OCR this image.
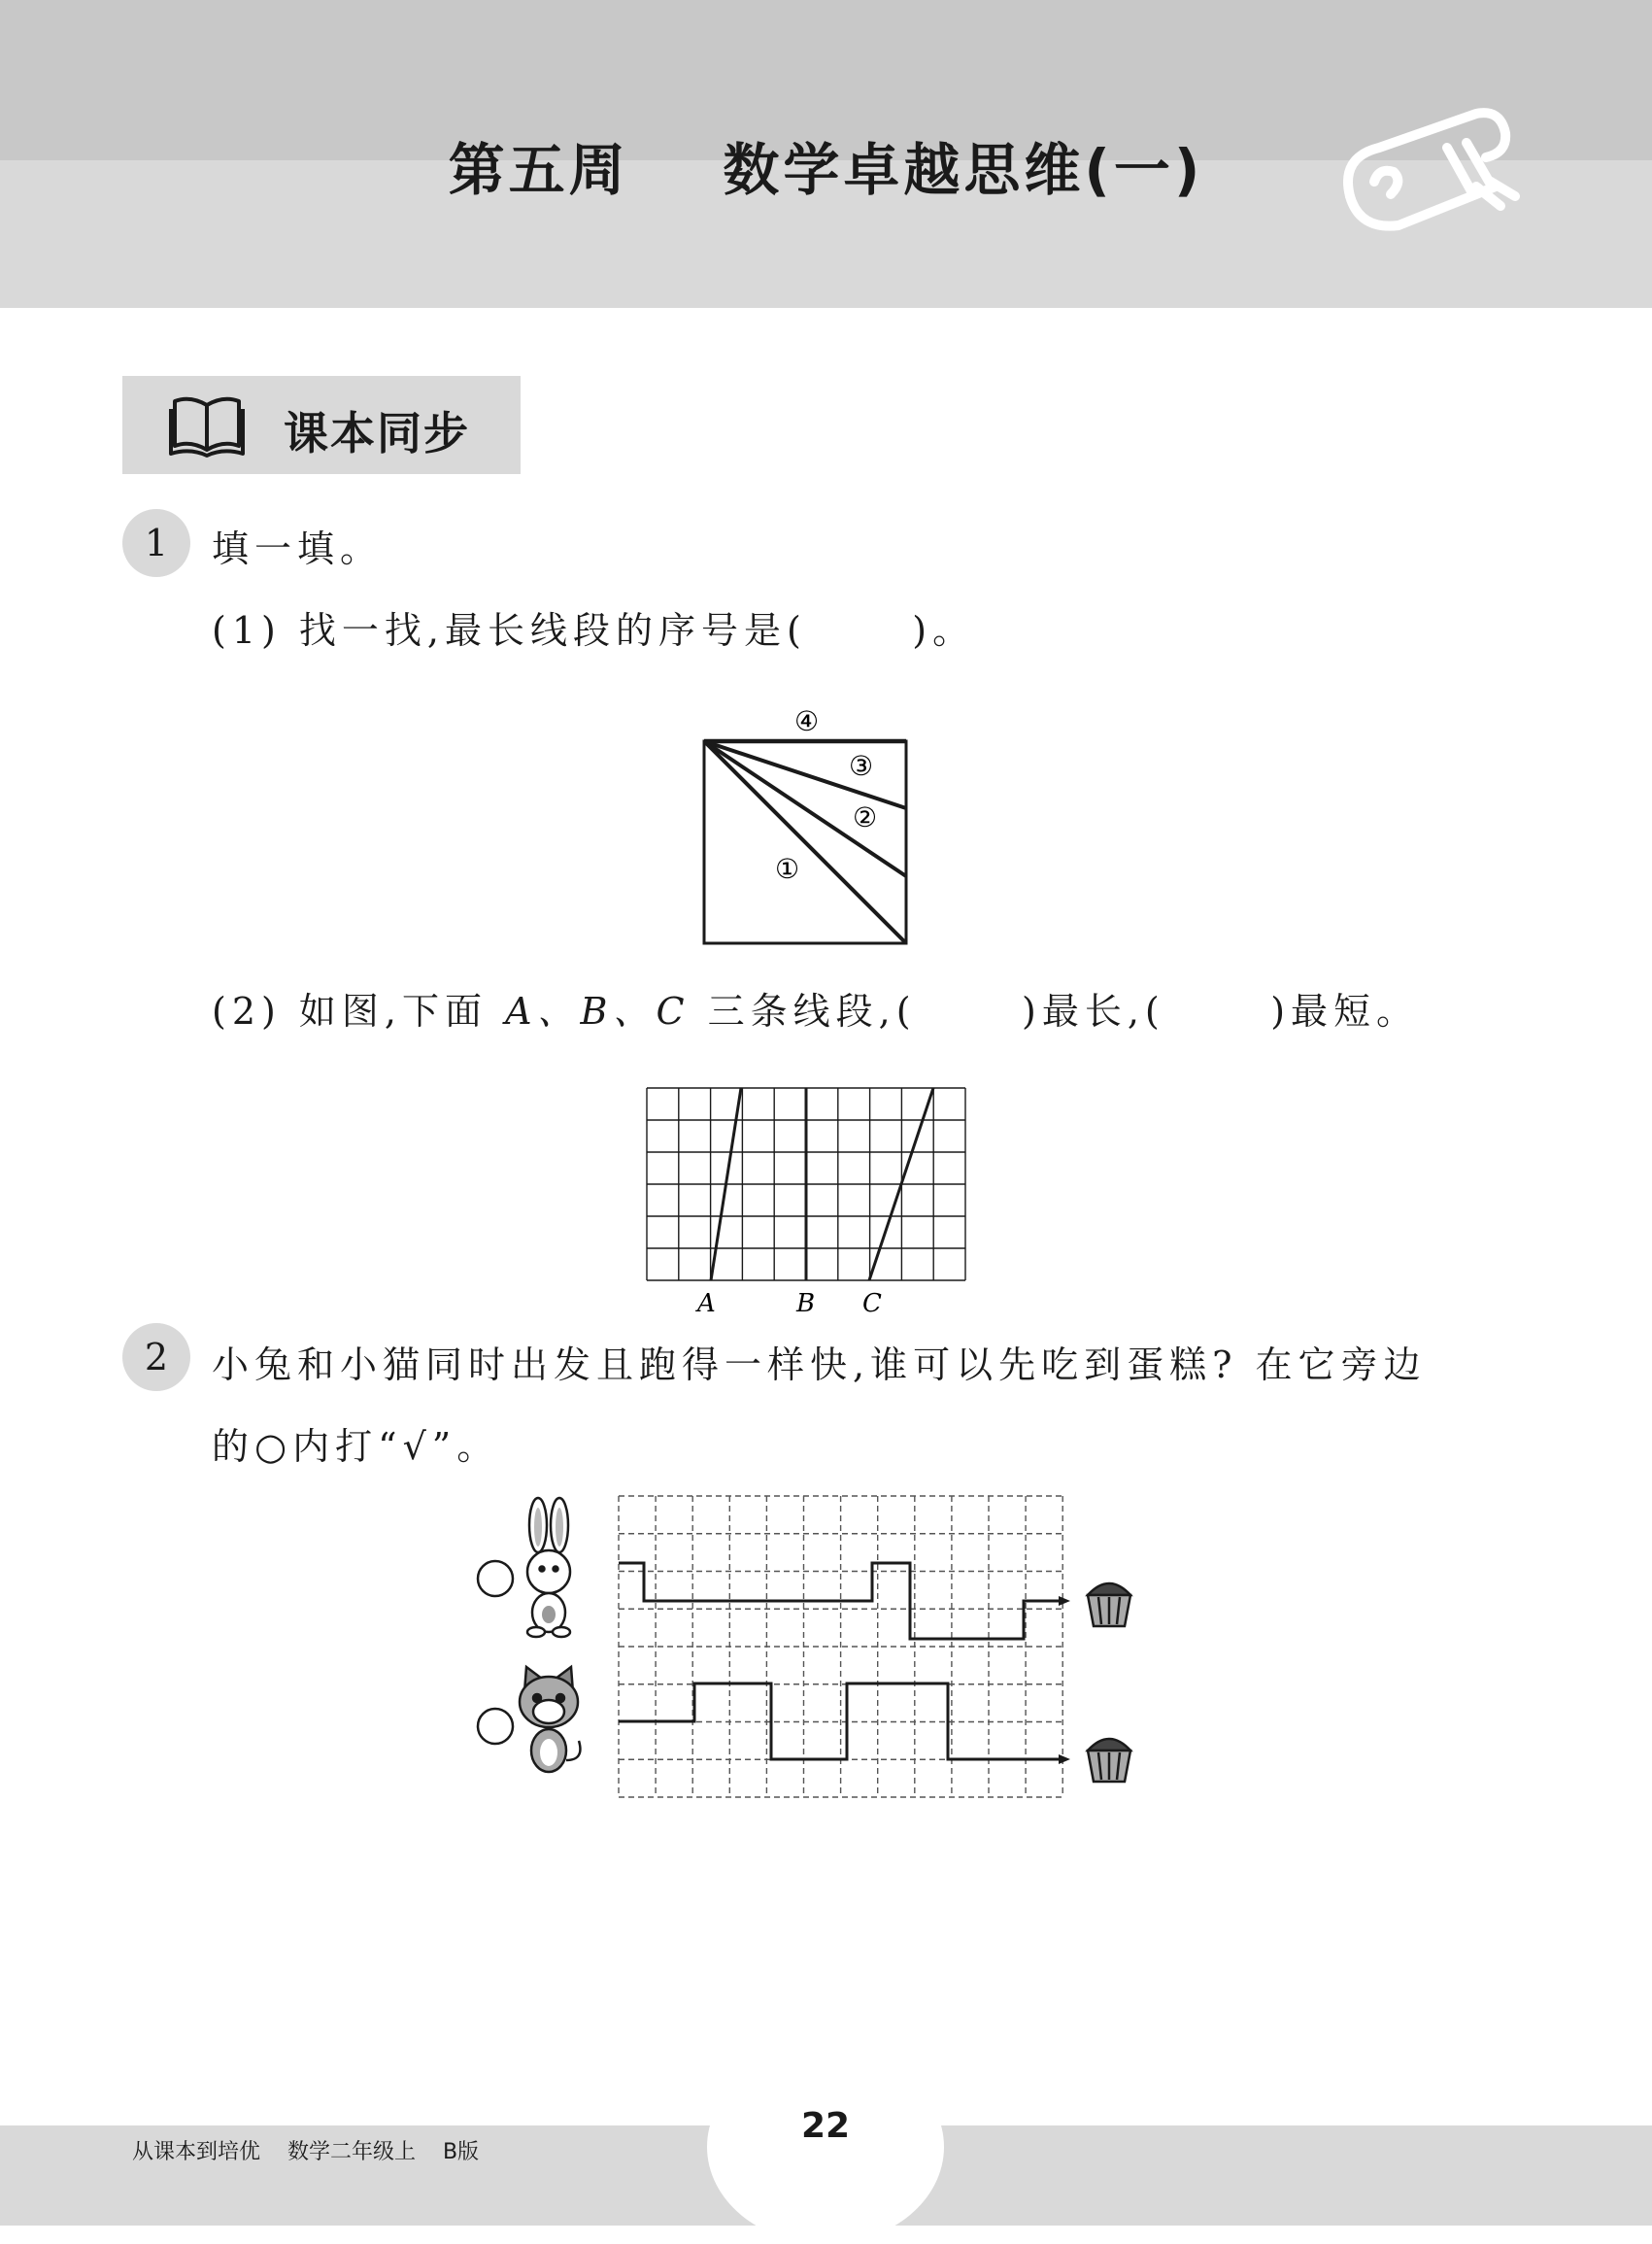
第五周    数学卓越思维(一)
课本同步
1	填一填。
(1) 找一找,最长线段的序号是(      )。
①
②
③
④
(2) 如图,下面 A、B、C 三条线段,(      )最长,(      )最短。
A	B C
2	小兔和小猫同时出发且跑得一样快,谁可以先吃到蛋糕? 在它旁边
的○内打“√”。
22
从课本到培优    数学二年级上    B版
